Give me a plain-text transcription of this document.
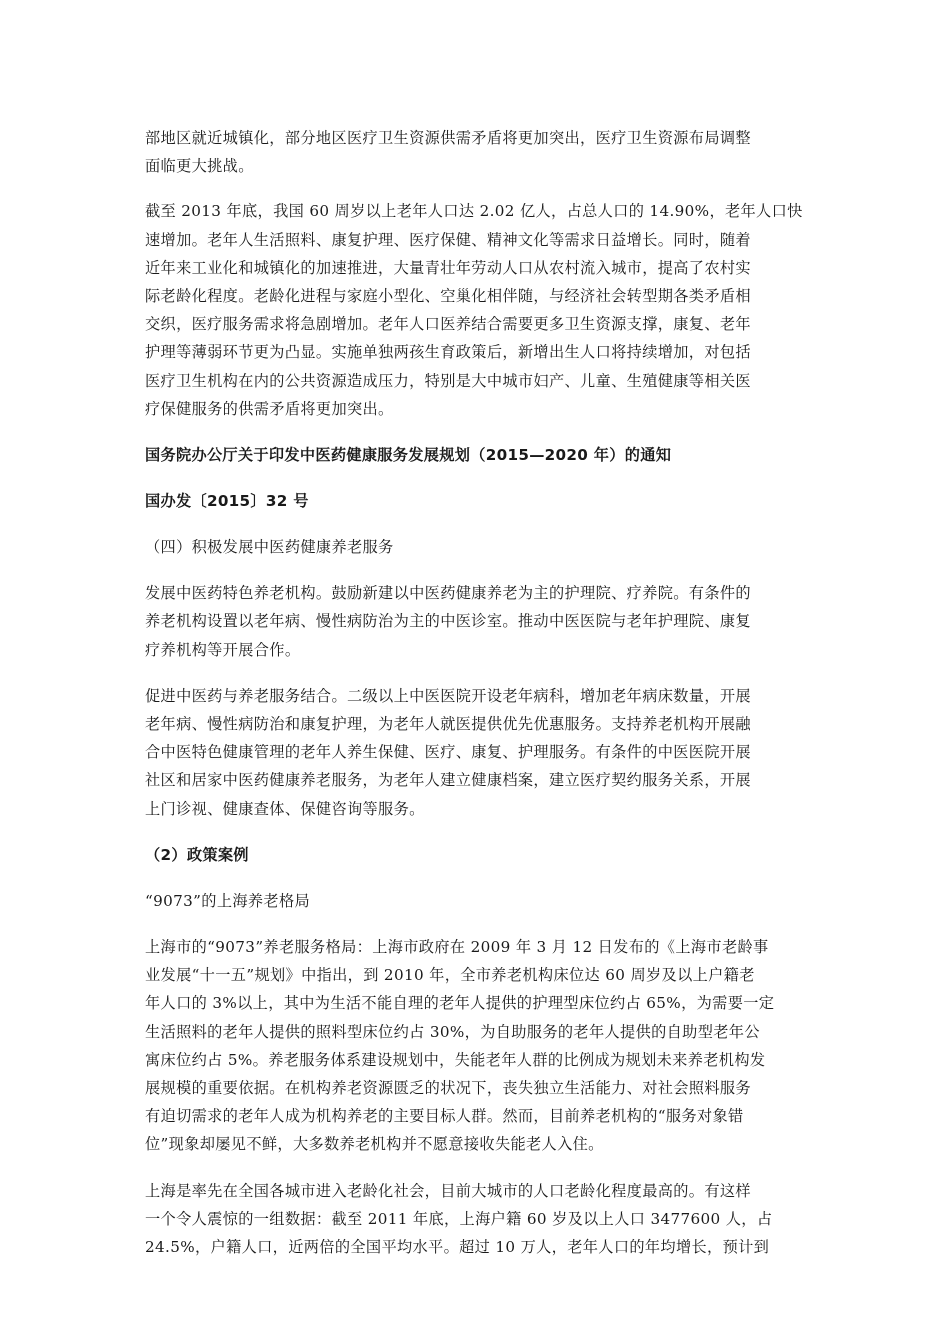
部地区就近城镇化，部分地区医疗卫生资源供需矛盾将更加突出，医疗卫生资源布局调整
面临更大挑战。

截至 2013 年底，我国 60 周岁以上老年人口达 2.02 亿人，占总人口的 14.90%，老年人口快
速增加。老年人生活照料、康复护理、医疗保健、精神文化等需求日益增长。同时，随着
近年来工业化和城镇化的加速推进，大量青壮年劳动人口从农村流入城市，提高了农村实
际老龄化程度。老龄化进程与家庭小型化、空巢化相伴随，与经济社会转型期各类矛盾相
交织，医疗服务需求将急剧增加。老年人口医养结合需要更多卫生资源支撑，康复、老年
护理等薄弱环节更为凸显。实施单独两孩生育政策后，新增出生人口将持续增加，对包括
医疗卫生机构在内的公共资源造成压力，特别是大中城市妇产、儿童、生殖健康等相关医
疗保健服务的供需矛盾将更加突出。

国务院办公厅关于印发中医药健康服务发展规划（2015—2020 年）的通知

国办发〔2015〕32 号

（四）积极发展中医药健康养老服务

发展中医药特色养老机构。鼓励新建以中医药健康养老为主的护理院、疗养院。有条件的
养老机构设置以老年病、慢性病防治为主的中医诊室。推动中医医院与老年护理院、康复
疗养机构等开展合作。

促进中医药与养老服务结合。二级以上中医医院开设老年病科，增加老年病床数量，开展
老年病、慢性病防治和康复护理，为老年人就医提供优先优惠服务。支持养老机构开展融
合中医特色健康管理的老年人养生保健、医疗、康复、护理服务。有条件的中医医院开展
社区和居家中医药健康养老服务，为老年人建立健康档案，建立医疗契约服务关系，开展
上门诊视、健康查体、保健咨询等服务。

（2）政策案例

“9073”的上海养老格局

上海市的“9073”养老服务格局：上海市政府在 2009 年 3 月 12 日发布的《上海市老龄事
业发展“十一五”规划》中指出，到 2010 年，全市养老机构床位达 60 周岁及以上户籍老
年人口的 3%以上，其中为生活不能自理的老年人提供的护理型床位约占 65%，为需要一定
生活照料的老年人提供的照料型床位约占 30%，为自助服务的老年人提供的自助型老年公
寓床位约占 5%。养老服务体系建设规划中，失能老年人群的比例成为规划未来养老机构发
展规模的重要依据。在机构养老资源匮乏的状况下，丧失独立生活能力、对社会照料服务
有迫切需求的老年人成为机构养老的主要目标人群。然而，目前养老机构的“服务对象错
位”现象却屡见不鲜，大多数养老机构并不愿意接收失能老人入住。

上海是率先在全国各城市进入老龄化社会，目前大城市的人口老龄化程度最高的。有这样
一个令人震惊的一组数据：截至 2011 年底，上海户籍 60 岁及以上人口 3477600 人，占
24.5%，户籍人口，近两倍的全国平均水平。超过 10 万人，老年人口的年均增长，预计到
